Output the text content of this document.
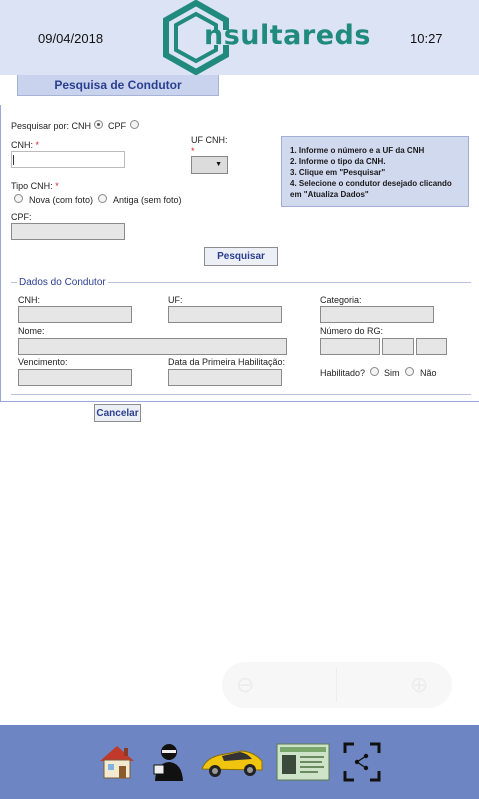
09/04/2018	nsultareds	10:27
Pesquisa de Condutor
Pesquisar por: CNH CPF
CNH: *	UF CNH:
*
▼
Tipo CNH: *
Nova (com foto) Antiga (sem foto)
CPF:
1. Informe o número e a UF da CNH
2. Informe o tipo da CNH.
3. Clique em "Pesquisar"
4. Selecione o condutor desejado clicando
em "Atualiza Dados"
Pesquisar
Dados do Condutor
CNH:	UF:	Categoria:
Nome:	Número do RG:
Vencimento:	Data da Primeira Habilitação:
Habilitado? Sim Não
Cancelar
⊖	⊕
